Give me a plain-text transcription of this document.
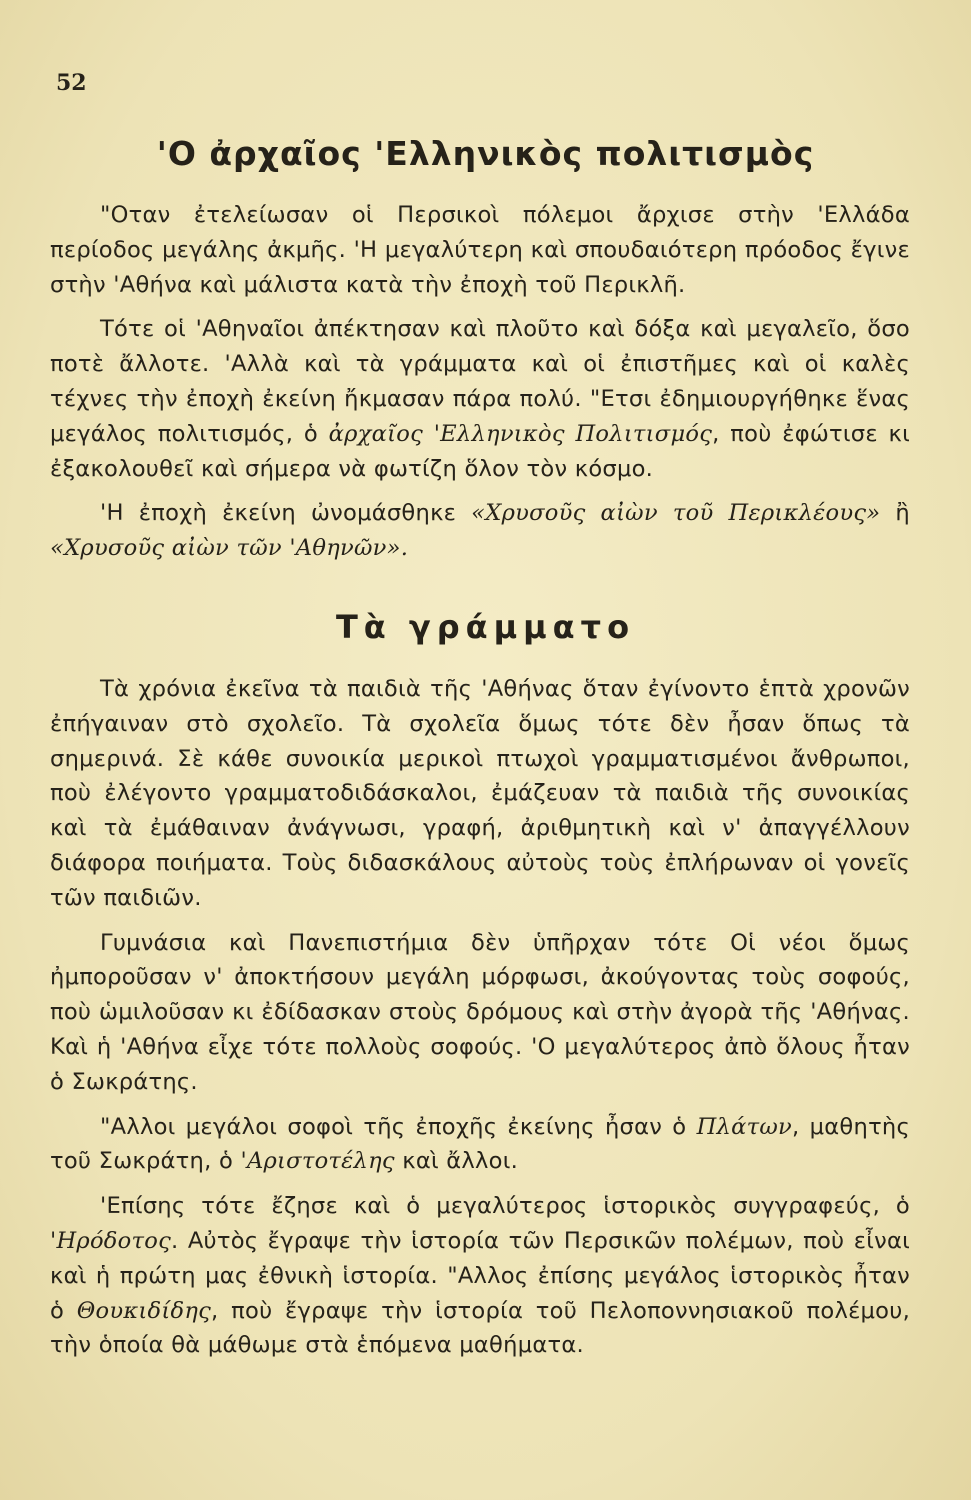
52
'Ο ἀρχαῖος 'Ελληνικὸς πολιτισμὸς

"Οταν ἐτελείωσαν οἱ Περσικοὶ πόλεμοι ἄρχισε στὴν 'Ελλάδα περίοδος μεγάλης ἀκμῆς. 'Η μεγαλύτερη καὶ σπουδαιότερη πρόοδος ἔγινε στὴν 'Αθήνα καὶ μάλιστα κατὰ τὴν ἐποχὴ τοῦ Περικλῆ.

Τότε οἱ 'Αθηναῖοι ἀπέκτησαν καὶ πλοῦτο καὶ δόξα καὶ μεγαλεῖο, ὅσο ποτὲ ἄλλοτε. 'Αλλὰ καὶ τὰ γράμματα καὶ οἱ ἐπιστῆμες καὶ οἱ καλὲς τέχνες τὴν ἐποχὴ ἐκείνη ἤκμασαν πάρα πολύ. "Ετσι ἐδημιουργήθηκε ἕνας μεγάλος πολιτισμός, ὁ ἀρχαῖος 'Ελληνικὸς Πολιτισμός, ποὺ ἐφώτισε κι ἐξακολουθεῖ καὶ σήμερα νὰ φωτίζη ὅλον τὸν κόσμο.

'Η ἐποχὴ ἐκείνη ὠνομάσθηκε «Χρυσοῦς αἰὼν τοῦ Περικλέους» ἢ «Χρυσοῦς αἰὼν τῶν 'Αθηνῶν».

Τὰ γράμματο

Τὰ χρόνια ἐκεῖνα τὰ παιδιὰ τῆς 'Αθήνας ὅταν ἐγίνοντο ἑπτὰ χρονῶν ἐπήγαιναν στὸ σχολεῖο. Τὰ σχολεῖα ὅμως τότε δὲν ἦσαν ὅπως τὰ σημερινά. Σὲ κάθε συνοικία μερικοὶ πτωχοὶ γραμματισμένοι ἄνθρωποι, ποὺ ἐλέγοντο γραμματοδιδάσκαλοι, ἐμάζευαν τὰ παιδιὰ τῆς συνοικίας καὶ τὰ ἐμάθαιναν ἀνάγνωσι, γραφή, ἀριθμητικὴ καὶ ν' ἀπαγγέλλουν διάφορα ποιήματα. Τοὺς διδασκάλους αὐτοὺς τοὺς ἐπλήρωναν οἱ γονεῖς τῶν παιδιῶν.

Γυμνάσια καὶ Πανεπιστήμια δὲν ὑπῆρχαν τότε Οἱ νέοι ὅμως ἠμποροῦσαν ν' ἀποκτήσουν μεγάλη μόρφωσι, ἀκούγοντας τοὺς σοφούς, ποὺ ὡμιλοῦσαν κι ἐδίδασκαν στοὺς δρόμους καὶ στὴν ἀγορὰ τῆς 'Αθήνας. Καὶ ἡ 'Αθήνα εἶχε τότε πολλοὺς σοφούς. 'Ο μεγαλύτερος ἀπὸ ὅλους ἦταν ὁ Σωκράτης.

"Αλλοι μεγάλοι σοφοὶ τῆς ἐποχῆς ἐκείνης ἦσαν ὁ Πλάτων, μαθητὴς τοῦ Σωκράτη, ὁ 'Αριστοτέλης καὶ ἄλλοι.

'Επίσης τότε ἔζησε καὶ ὁ μεγαλύτερος ἱστορικὸς συγγραφεύς, ὁ 'Ηρόδοτος. Αὐτὸς ἔγραψε τὴν ἱστορία τῶν Περσικῶν πολέμων, ποὺ εἶναι καὶ ἡ πρώτη μας ἐθνικὴ ἱστορία. "Αλλος ἐπίσης μεγάλος ἱστορικὸς ἦταν ὁ Θουκιδίδης, ποὺ ἔγραψε τὴν ἱστορία τοῦ Πελοποννησιακοῦ πολέμου, τὴν ὁποία θὰ μάθωμε στὰ ἑπόμενα μαθήματα.
